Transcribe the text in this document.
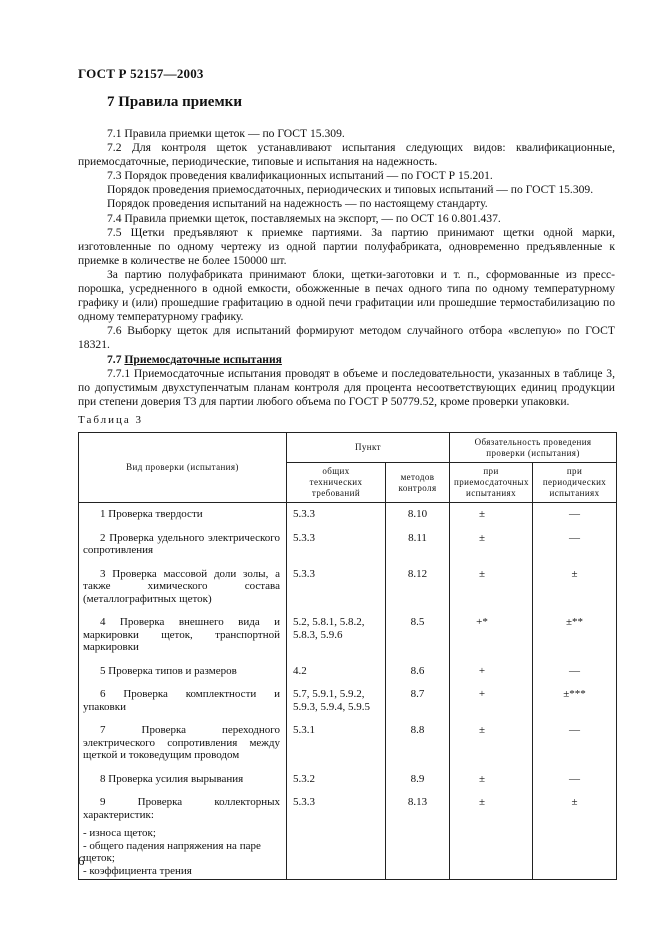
ГОСТ Р 52157—2003
7 Правила приемки

7.1 Правила приемки щеток — по ГОСТ 15.309.

7.2 Для контроля щеток устанавливают испытания следующих видов: квалификационные, приемосдаточные, периодические, типовые и испытания на надежность.

7.3 Порядок проведения квалификационных испытаний — по ГОСТ Р 15.201.

Порядок проведения приемосдаточных, периодических и типовых испытаний — по ГОСТ 15.309.

Порядок проведения испытаний на надежность — по настоящему стандарту.

7.4 Правила приемки щеток, поставляемых на экспорт, — по ОСТ 16 0.801.437.

7.5 Щетки предъявляют к приемке партиями. За партию принимают щетки одной марки, изготовленные по одному чертежу из одной партии полуфабриката, одновременно предъявленные к приемке в количестве не более 150000 шт.

За партию полуфабриката принимают блоки, щетки-заготовки и т. п., сформованные из пресс-порошка, усредненного в одной емкости, обожженные в печах одного типа по одному температурному графику и (или) прошедшие графитацию в одной печи графитации или прошедшие термостабилизацию по одному температурному графику.

7.6 Выборку щеток для испытаний формируют методом случайного отбора «вслепую» по ГОСТ 18321.

7.7 Приемосдаточные испытания

7.7.1 Приемосдаточные испытания проводят в объеме и последовательности, указанных в таблице 3, по допустимым двухступенчатым планам контроля для процента несоответствующих единиц продукции при степени доверия Т3 для партии любого объема по ГОСТ Р 50779.52, кроме проверки упаковки.

Таблица 3
Вид проверки (испытания)	Пункт		Обязательность проведения проверки (испытания)	
	общих технических требований	методов контроля	при приемосдаточных испытаниях	при периодических испытаниях
1 Проверка твердости	5.3.3	8.10	±	—
2 Проверка удельного электрического сопротивления	5.3.3	8.11	±	—
3 Проверка массовой доли золы, а также химического состава (металлографитных щеток)	5.3.3	8.12	±	±
4 Проверка внешнего вида и маркировки щеток, транспортной маркировки	5.2, 5.8.1, 5.8.2, 5.8.3, 5.9.6	8.5	+*	±**
5 Проверка типов и размеров	4.2	8.6	+	—
6 Проверка комплектности и упаковки	5.7, 5.9.1, 5.9.2, 5.9.3, 5.9.4, 5.9.5	8.7	+	±***
7 Проверка переходного электрического сопротивления между щеткой и токоведущим проводом	5.3.1	8.8	±	—
8 Проверка усилия вырывания	5.3.2	8.9	±	—
9 Проверка коллекторных характеристик:	5.3.3	8.13	±	±

- износа щеток;
- общего падения напряжения на паре щеток;
- коэффициента трения				

6
